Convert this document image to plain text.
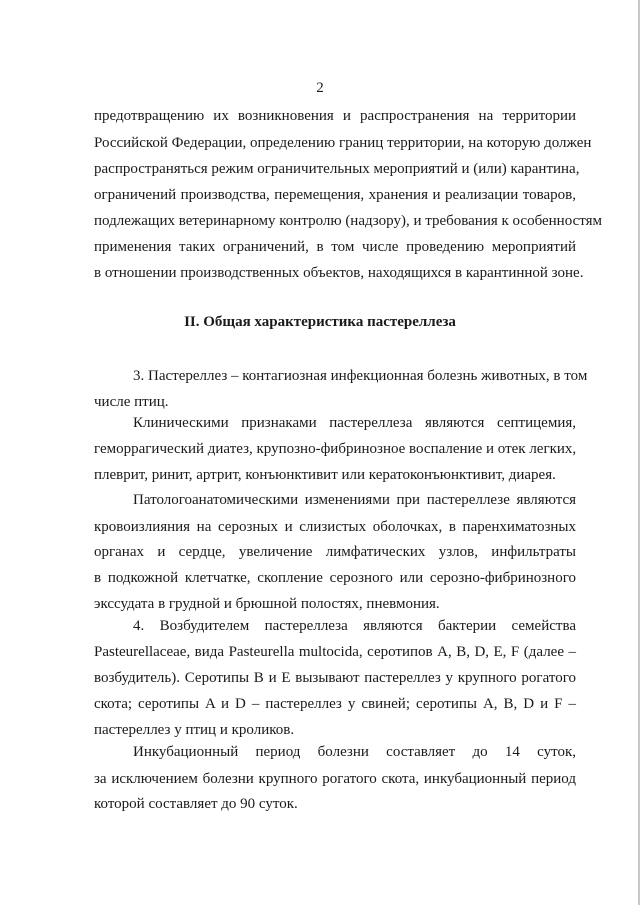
2
предотвращению их возникновения и распространения на территории
Российской Федерации, определению границ территории, на которую должен
распространяться режим ограничительных мероприятий и (или) карантина,
ограничений производства, перемещения, хранения и реализации товаров,
подлежащих ветеринарному контролю (надзору), и требования к особенностям
применения таких ограничений, в том числе проведению мероприятий
в отношении производственных объектов, находящихся в карантинной зоне.
II. Общая характеристика пастереллеза
3. Пастереллез – контагиозная инфекционная болезнь животных, в том
числе птиц.
Клиническими признаками пастереллеза являются септицемия,
геморрагический диатез, крупозно-фибринозное воспаление и отек легких,
плеврит, ринит, артрит, конъюнктивит или кератоконъюнктивит, диарея.
Патологоанатомическими изменениями при пастереллезе являются
кровоизлияния на серозных и слизистых оболочках, в паренхиматозных
органах и сердце, увеличение лимфатических узлов, инфильтраты
в подкожной клетчатке, скопление серозного или серозно-фибринозного
экссудата в грудной и брюшной полостях, пневмония.
4. Возбудителем пастереллеза являются бактерии семейства
Pasteurellaceae, вида Pasteurella multocida, серотипов A, B, D, E, F (далее –
возбудитель). Серотипы B и E вызывают пастереллез у крупного рогатого
скота; серотипы A и D – пастереллез у свиней; серотипы A, B, D и F –
пастереллез у птиц и кроликов.
Инкубационный период болезни составляет до 14 суток,
за исключением болезни крупного рогатого скота, инкубационный период
которой составляет до 90 суток.
